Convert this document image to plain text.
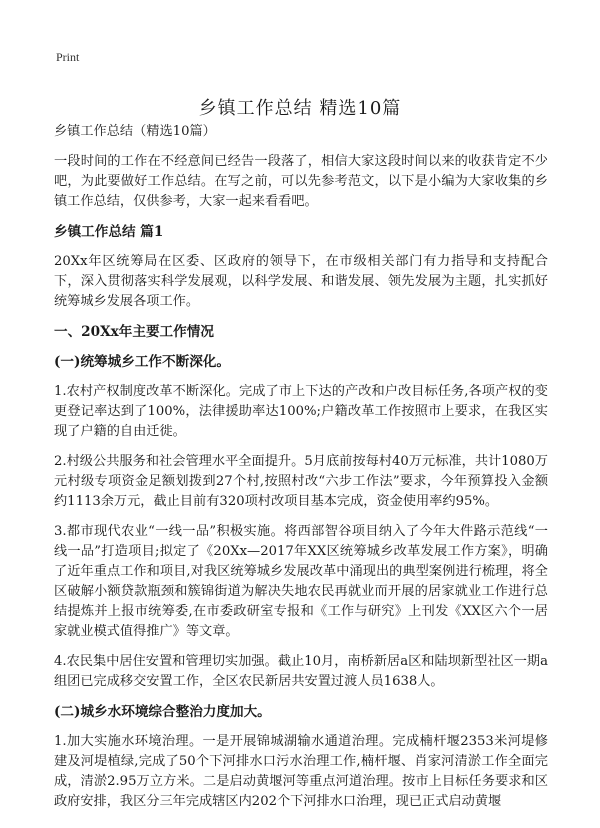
Print
乡镇工作总结 精选10篇

乡镇工作总结（精选10篇）

一段时间的工作在不经意间已经告一段落了，相信大家这段时间以来的收获肯定不少吧，为此要做好工作总结。在写之前，可以先参考范文，以下是小编为大家收集的乡镇工作总结，仅供参考，大家一起来看看吧。

乡镇工作总结 篇1

20Xx年区统筹局在区委、区政府的领导下，在市级相关部门有力指导和支持配合下，深入贯彻落实科学发展观，以科学发展、和谐发展、领先发展为主题，扎实抓好统筹城乡发展各项工作。

一、20Xx年主要工作情况
(一)统筹城乡工作不断深化。

1.农村产权制度改革不断深化。完成了市上下达的产改和户改目标任务,各项产权的变更登记率达到了100%，法律援助率达100%;户籍改革工作按照市上要求，在我区实现了户籍的自由迁徙。

2.村级公共服务和社会管理水平全面提升。5月底前按每村40万元标准，共计1080万元村级专项资金足额划拨到27个村,按照村改“六步工作法”要求，今年预算投入金额约1113余万元，截止目前有320项村改项目基本完成，资金使用率约95%。

3.都市现代农业“一线一品”积极实施。将西部智谷项目纳入了今年大件路示范线“一线一品”打造项目;拟定了《20Xx—2017年XX区统筹城乡改革发展工作方案》，明确了近年重点工作和项目,对我区统筹城乡发展改革中涌现出的典型案例进行梳理，将全区破解小额贷款瓶颈和簇锦街道为解决失地农民再就业而开展的居家就业工作进行总结提炼并上报市统筹委,在市委政研室专报和《工作与研究》上刊发《XX区六个一居家就业模式值得推广》等文章。

4.农民集中居住安置和管理切实加强。截止10月，南桥新居a区和陆坝新型社区一期a组团已完成移交安置工作，全区农民新居共安置过渡人员1638人。

(二)城乡水环境综合整治力度加大。

1.加大实施水环境治理。一是开展锦城湖输水通道治理。完成楠杆堰2353米河堤修建及河堤植绿,完成了50个下河排水口污水治理工作,楠杆堰、肖家河清淤工作全面完成，清淤2.95万立方米。二是启动黄堰河等重点河道治理。按市上目标任务要求和区政府安排，我区分三年完成辖区内202个下河排水口治理，现已正式启动黄堰
